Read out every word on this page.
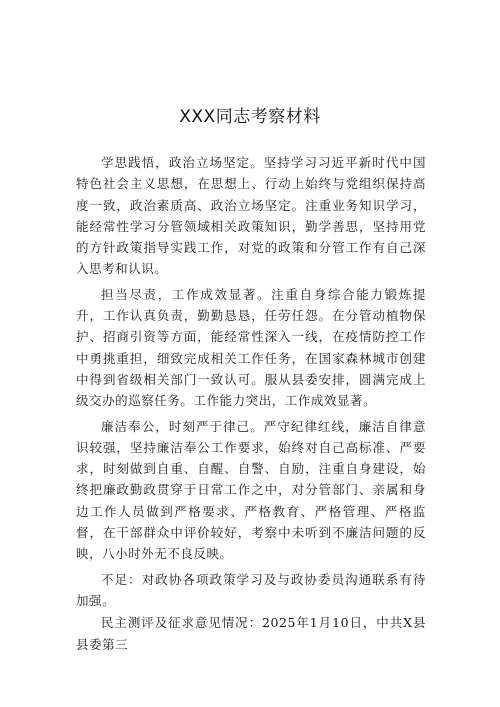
XXX同志考察材料

学思践悟，政治立场坚定。坚持学习习近平新时代中国特色社会主义思想，在思想上、行动上始终与党组织保持高度一致，政治素质高、政治立场坚定。注重业务知识学习，能经常性学习分管领域相关政策知识，勤学善思，坚持用党的方针政策指导实践工作，对党的政策和分管工作有自己深入思考和认识。

担当尽责，工作成效显著。注重自身综合能力锻炼提升，工作认真负责，勤勤恳恳，任劳任怨。在分管动植物保护、招商引资等方面，能经常性深入一线，在疫情防控工作中勇挑重担，细致完成相关工作任务，在国家森林城市创建中得到省级相关部门一致认可。服从县委安排，圆满完成上级交办的巡察任务。工作能力突出，工作成效显著。

廉洁奉公，时刻严于律己。严守纪律红线，廉洁自律意识较强，坚持廉洁奉公工作要求，始终对自己高标准、严要求，时刻做到自重、自醒、自警、自励，注重自身建设，始终把廉政勤政贯穿于日常工作之中，对分管部门、亲属和身边工作人员做到严格要求、严格教育、严格管理、严格监督，在干部群众中评价较好，考察中未听到不廉洁问题的反映，八小时外无不良反映。

不足：对政协各项政策学习及与政协委员沟通联系有待加强。

民主测评及征求意见情况：2025年1月10日，中共X县县委第三
